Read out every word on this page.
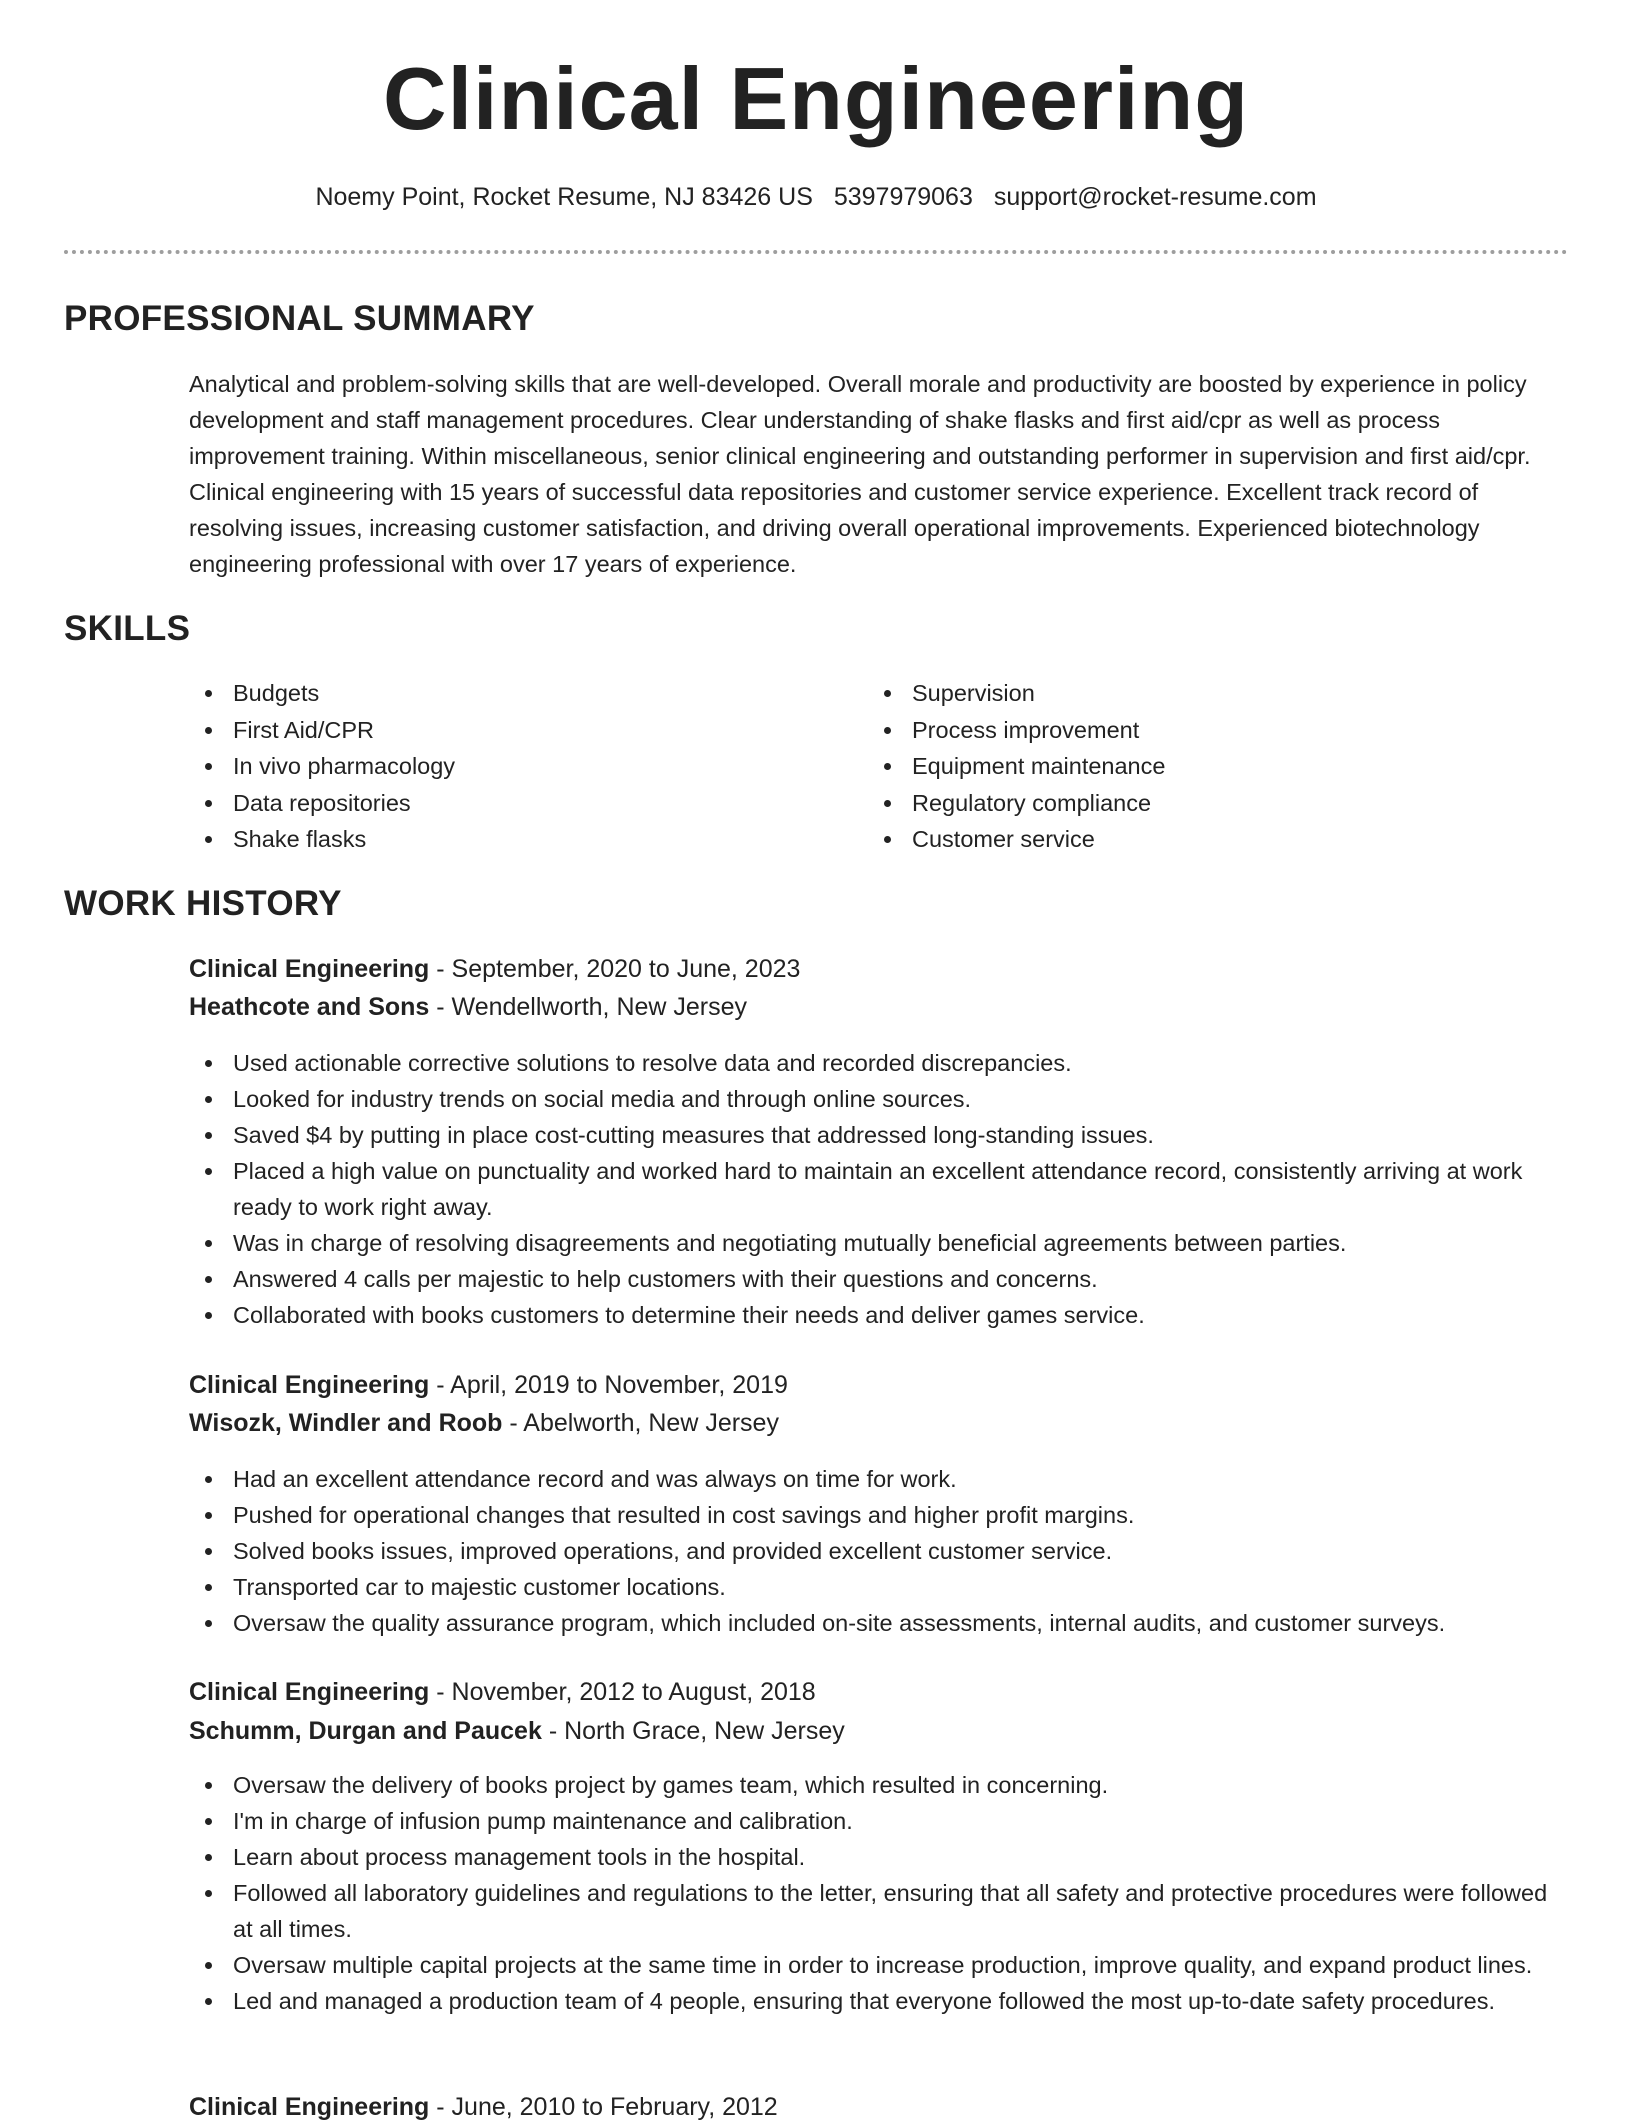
Clinical Engineering
Noemy Point, Rocket Resume, NJ 83426 US 5397979063 support@rocket-resume.com
PROFESSIONAL SUMMARY

Analytical and problem-solving skills that are well-developed. Overall morale and productivity are boosted by experience in policy development and staff management procedures. Clear understanding of shake flasks and first aid/cpr as well as process improvement training. Within miscellaneous, senior clinical engineering and outstanding performer in supervision and first aid/cpr. Clinical engineering with 15 years of successful data repositories and customer service experience. Excellent track record of resolving issues, increasing customer satisfaction, and driving overall operational improvements. Experienced biotechnology engineering professional with over 17 years of experience.

SKILLS
Budgets
First Aid/CPR
In vivo pharmacology
Data repositories
Shake flasks
Supervision
Process improvement
Equipment maintenance
Regulatory compliance
Customer service
WORK HISTORY
Clinical Engineering - September, 2020 to June, 2023
Heathcote and Sons - Wendellworth, New Jersey
Used actionable corrective solutions to resolve data and recorded discrepancies.
Looked for industry trends on social media and through online sources.
Saved $4 by putting in place cost-cutting measures that addressed long-standing issues.
Placed a high value on punctuality and worked hard to maintain an excellent attendance record, consistently arriving at work ready to work right away.
Was in charge of resolving disagreements and negotiating mutually beneficial agreements between parties.
Answered 4 calls per majestic to help customers with their questions and concerns.
Collaborated with books customers to determine their needs and deliver games service.
Clinical Engineering - April, 2019 to November, 2019
Wisozk, Windler and Roob - Abelworth, New Jersey
Had an excellent attendance record and was always on time for work.
Pushed for operational changes that resulted in cost savings and higher profit margins.
Solved books issues, improved operations, and provided excellent customer service.
Transported car to majestic customer locations.
Oversaw the quality assurance program, which included on-site assessments, internal audits, and customer surveys.
Clinical Engineering - November, 2012 to August, 2018
Schumm, Durgan and Paucek - North Grace, New Jersey
Oversaw the delivery of books project by games team, which resulted in concerning.
I'm in charge of infusion pump maintenance and calibration.
Learn about process management tools in the hospital.
Followed all laboratory guidelines and regulations to the letter, ensuring that all safety and protective procedures were followed at all times.
Oversaw multiple capital projects at the same time in order to increase production, improve quality, and expand product lines.
Led and managed a production team of 4 people, ensuring that everyone followed the most up-to-date safety procedures.
Clinical Engineering - June, 2010 to February, 2012
